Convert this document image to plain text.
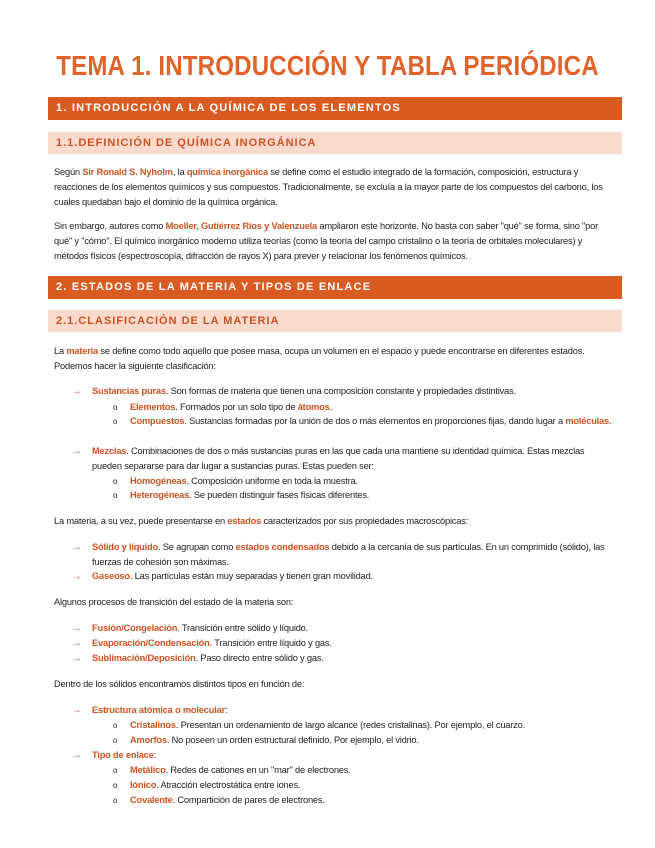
TEMA 1. INTRODUCCIÓN Y TABLA PERIÓDICA
1. INTRODUCCIÓN A LA QUÍMICA DE LOS ELEMENTOS
1.1.DEFINICIÓN DE QUÍMICA INORGÁNICA
Según Sir Ronald S. Nyholm, la química inorgánica se define como el estudio integrado de la formación, composición, estructura y reacciones de los elementos químicos y sus compuestos. Tradicionalmente, se excluía a la mayor parte de los compuestos del carbono, los cuales quedaban bajo el dominio de la química orgánica.
Sin embargo, autores como Moeller, Gutiérrez Ríos y Valenzuela ampliaron este horizonte. No basta con saber "qué" se forma, sino "por qué" y "cómo". El químico inorgánico moderno utiliza teorías (como la teoría del campo cristalino o la teoría de orbitales moleculares) y métodos físicos (espectroscopía, difracción de rayos X) para prever y relacionar los fenómenos químicos.
2. ESTADOS DE LA MATERIA Y TIPOS DE ENLACE
2.1.CLASIFICACIÓN DE LA MATERIA
La materia se define como todo aquello que posee masa, ocupa un volumen en el espacio y puede encontrarse en diferentes estados. Podemos hacer la siguiente clasificación:
→ Sustancias puras. Son formas de materia que tienen una composición constante y propiedades distintivas.
o Elementos. Formados por un solo tipo de átomos.
o Compuestos. Sustancias formadas por la unión de dos o más elementos en proporciones fijas, dando lugar a moléculas.
→ Mezclas. Combinaciones de dos o más sustancias puras en las que cada una mantiene su identidad química. Estas mezclas pueden separarse para dar lugar a sustancias puras. Estas pueden ser:
o Homogéneas. Composición uniforme en toda la muestra.
o Heterogéneas. Se pueden distinguir fases físicas diferentes.
La materia, a su vez, puede presentarse en estados caracterizados por sus propiedades macroscópicas:
→ Sólido y líquido. Se agrupan como estados condensados debido a la cercanía de sus partículas. En un comprimido (sólido), las fuerzas de cohesión son máximas.
→ Gaseoso. Las partículas están muy separadas y tienen gran movilidad.
Algunos procesos de transición del estado de la materia son:
→ Fusión/Congelación. Transición entre sólido y líquido.
→ Evaporación/Condensación. Transición entre líquido y gas.
→ Sublimación/Deposición. Paso directo entre sólido y gas.
Dentro de los sólidos encontramos distintos tipos en función de:
→ Estructura atómica o molecular:
o Cristalinos. Presentan un ordenamiento de largo alcance (redes cristalinas). Por ejemplo, el cuarzo.
o Amorfos. No poseen un orden estructural definido. Por ejemplo, el vidrio.
→ Tipo de enlace:
o Metálico. Redes de cationes en un "mar" de electrones.
o Iónico. Atracción electrostática entre iones.
o Covalente. Compartición de pares de electrones.
